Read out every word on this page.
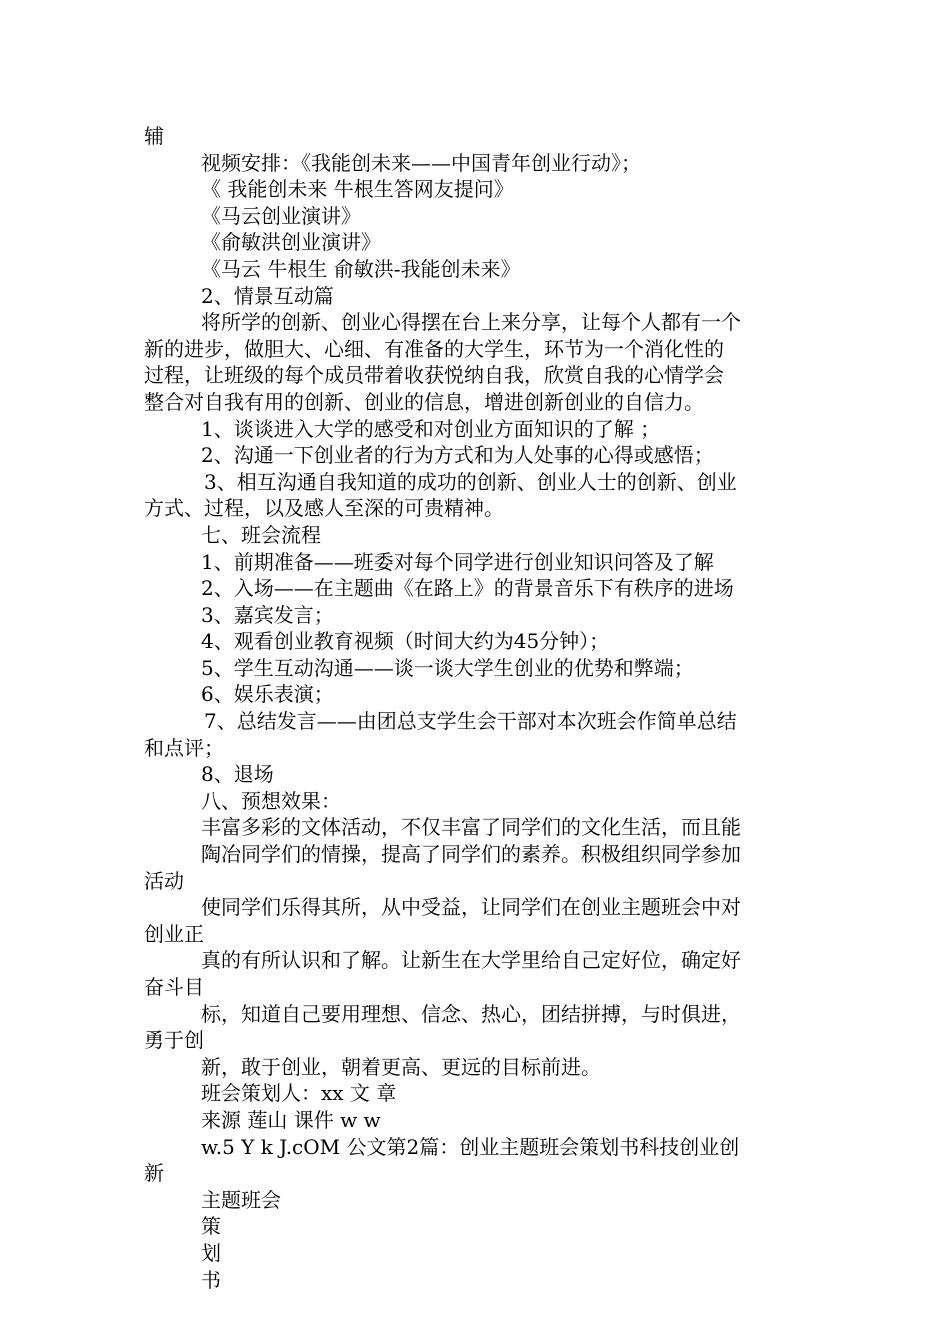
辅
视频安排：《我能创未来——中国青年创业行动》；
《 我能创未来 牛根生答网友提问》
《马云创业演讲》
《俞敏洪创业演讲》
《马云 牛根生 俞敏洪-我能创未来》
2、情景互动篇
将所学的创新、创业心得摆在台上来分享，让每个人都有一个
新的进步，做胆大、心细、有准备的大学生，环节为一个消化性的
过程，让班级的每个成员带着收获悦纳自我，欣赏自我的心情学会
整合对自我有用的创新、创业的信息，增进创新创业的自信力。
1、谈谈进入大学的感受和对创业方面知识的了解 ；
2、沟通一下创业者的行为方式和为人处事的心得或感悟；
3、相互沟通自我知道的成功的创新、创业人士的创新、创业
方式、过程，以及感人至深的可贵精神。
七、班会流程
1、前期准备——班委对每个同学进行创业知识问答及了解
2、入场——在主题曲《在路上》的背景音乐下有秩序的进场
3、嘉宾发言；
4、观看创业教育视频（时间大约为45分钟）；
5、学生互动沟通——谈一谈大学生创业的优势和弊端；
6、娱乐表演；
7、总结发言——由团总支学生会干部对本次班会作简单总结
和点评；
8、退场
八、预想效果：
丰富多彩的文体活动，不仅丰富了同学们的文化生活，而且能
陶冶同学们的情操，提高了同学们的素养。积极组织同学参加
活动
使同学们乐得其所，从中受益，让同学们在创业主题班会中对
创业正
真的有所认识和了解。让新生在大学里给自己定好位，确定好
奋斗目
标，知道自己要用理想、信念、热心，团结拼搏，与时俱进，
勇于创
新，敢于创业，朝着更高、更远的目标前进。
班会策划人：xx 文 章
来源 莲山 课件 w w
w.5 Y k J.cOM 公文第2篇：创业主题班会策划书科技创业创
新
主题班会
策
划
书
